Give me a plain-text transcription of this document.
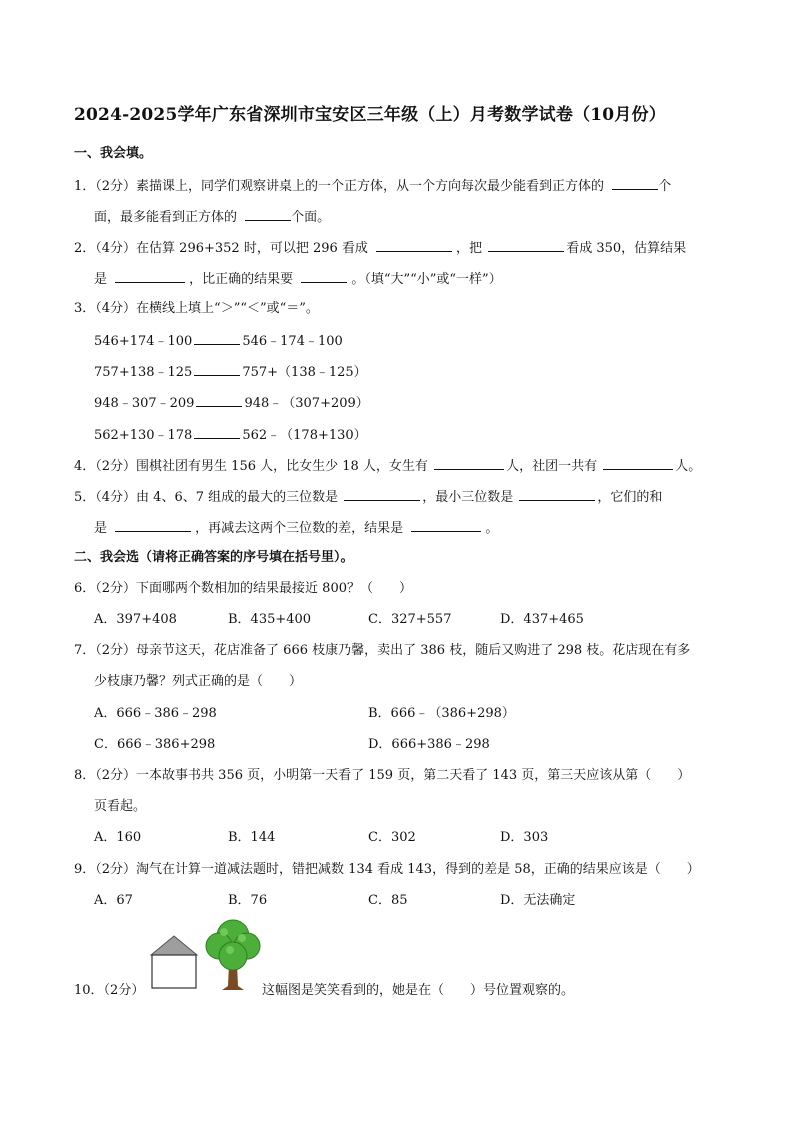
2024-2025学年广东省深圳市宝安区三年级（上）月考数学试卷（10月份）
一、我会填。
1．（2分）素描课上，同学们观察讲桌上的一个正方体，从一个方向每次最少能看到正方体的	个
面，最多能看到正方体的	个面。
2．（4分）在估算 296+352 时，可以把 296 看成	，把	看成 350，估算结果
是	，比正确的结果要	。（填“大”“小”或“一样”）
3．（4分）在横线上填上“＞”“＜”或“＝”。
546+174﹣100	546﹣174﹣100
757+138﹣125	757+（138﹣125）
948﹣307﹣209	948﹣（307+209）
562+130﹣178	562﹣（178+130）
4．（2分）围棋社团有男生 156 人，比女生少 18 人，女生有	人，社团一共有	人。
5．（4分）由 4、6、7 组成的最大的三位数是	，最小三位数是	，它们的和
是	，再减去这两个三位数的差，结果是	。
二、我会选（请将正确答案的序号填在括号里）。
6．（2分）下面哪两个数相加的结果最接近 800？（　　）
A．397+408	B．435+400	C．327+557	D．437+465
7．（2分）母亲节这天，花店准备了 666 枝康乃馨，卖出了 386 枝，随后又购进了 298 枝。花店现在有多
少枝康乃馨？列式正确的是（　　）
A．666﹣386﹣298	B．666﹣（386+298）
C．666﹣386+298	D．666+386﹣298
8．（2分）一本故事书共 356 页，小明第一天看了 159 页，第二天看了 143 页，第三天应该从第（　　）
页看起。
A．160	B．144	C．302	D．303
9．（2分）淘气在计算一道减法题时，错把减数 134 看成 143，得到的差是 58，正确的结果应该是（　　）
A．67	B．76	C．85	D．无法确定
10．（2分）	这幅图是笑笑看到的，她是在（　　）号位置观察的。
